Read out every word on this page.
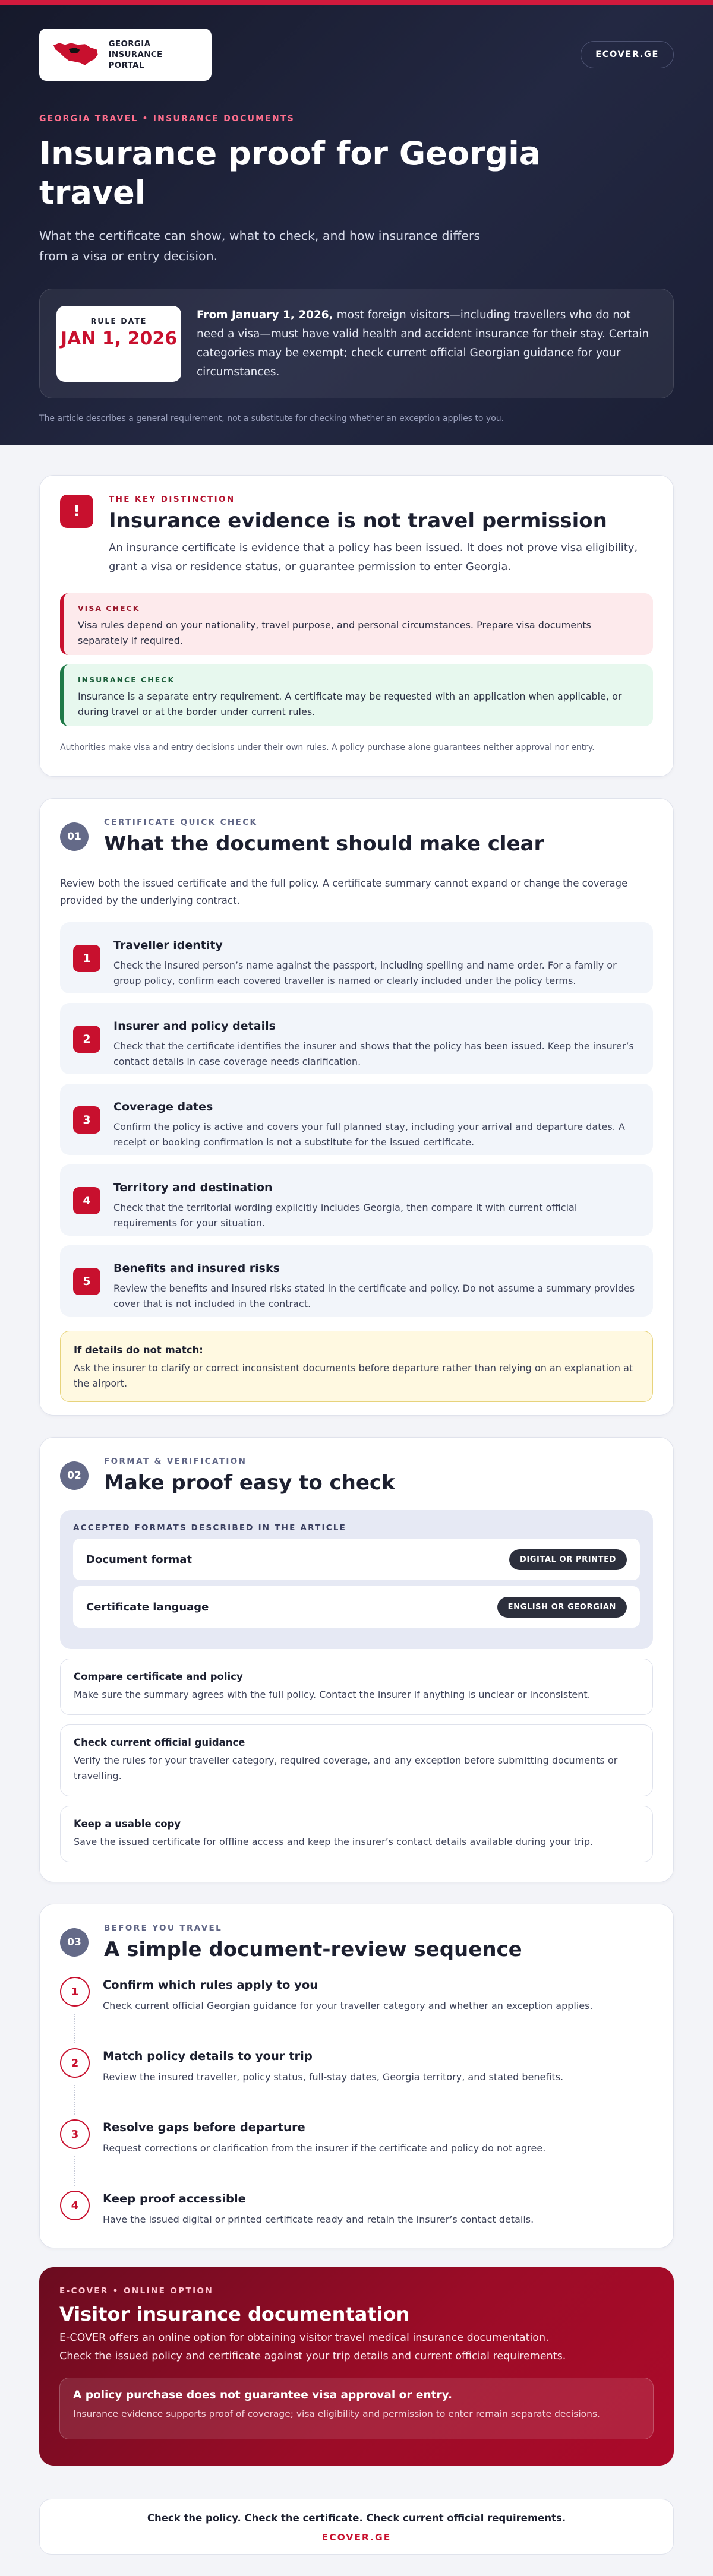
GEORGIA
INSURANCE PORTAL
ECOVER.GE
GEORGIA TRAVEL • INSURANCE DOCUMENTS
Insurance proof for Georgia travel

What the certificate can show, what to check, and how insurance differs from a visa or entry decision.

RULE DATE
JAN 1, 2026

From January 1, 2026, most foreign visitors—including travellers who do not need a visa—must have valid health and accident insurance for their stay. Certain categories may be exempt; check current official Georgian guidance for your circumstances.

The article describes a general requirement, not a substitute for checking whether an exception applies to you.

!
THE KEY DISTINCTION
Insurance evidence is not travel permission

An insurance certificate is evidence that a policy has been issued. It does not prove visa eligibility, grant a visa or residence status, or guarantee permission to enter Georgia.

VISA CHECK

Visa rules depend on your nationality, travel purpose, and personal circumstances. Prepare visa documents separately if required.

INSURANCE CHECK

Insurance is a separate entry requirement. A certificate may be requested with an application when applicable, or during travel or at the border under current rules.

Authorities make visa and entry decisions under their own rules. A policy purchase alone guarantees neither approval nor entry.

01
CERTIFICATE QUICK CHECK
What the document should make clear

Review both the issued certificate and the full policy. A certificate summary cannot expand or change the coverage provided by the underlying contract.

1
Traveller identity

Check the insured person’s name against the passport, including spelling and name order. For a family or group policy, confirm each covered traveller is named or clearly included under the policy terms.

2
Insurer and policy details

Check that the certificate identifies the insurer and shows that the policy has been issued. Keep the insurer’s contact details in case coverage needs clarification.

3
Coverage dates

Confirm the policy is active and covers your full planned stay, including your arrival and departure dates. A receipt or booking confirmation is not a substitute for the issued certificate.

4
Territory and destination

Check that the territorial wording explicitly includes Georgia, then compare it with current official requirements for your situation.

5
Benefits and insured risks

Review the benefits and insured risks stated in the certificate and policy. Do not assume a summary provides cover that is not included in the contract.

If details do not match:

Ask the insurer to clarify or correct inconsistent documents before departure rather than relying on an explanation at the airport.

02
FORMAT & VERIFICATION
Make proof easy to check
ACCEPTED FORMATS DESCRIBED IN THE ARTICLE
Document format	DIGITAL OR PRINTED
Certificate language	ENGLISH OR GEORGIAN
Compare certificate and policy

Make sure the summary agrees with the full policy. Contact the insurer if anything is unclear or inconsistent.

Check current official guidance

Verify the rules for your traveller category, required coverage, and any exception before submitting documents or travelling.

Keep a usable copy

Save the issued certificate for offline access and keep the insurer’s contact details available during your trip.

03
BEFORE YOU TRAVEL
A simple document-review sequence
1	Confirm which rules apply to you

Check current official Georgian guidance for your traveller category and whether an exception applies.

2	Match policy details to your trip

Review the insured traveller, policy status, full-stay dates, Georgia territory, and stated benefits.

3	Resolve gaps before departure

Request corrections or clarification from the insurer if the certificate and policy do not agree.

4	Keep proof accessible

Have the issued digital or printed certificate ready and retain the insurer’s contact details.

E-COVER • ONLINE OPTION
Visitor insurance documentation

E-COVER offers an online option for obtaining visitor travel medical insurance documentation.
Check the issued policy and certificate against your trip details and current official requirements.

A policy purchase does not guarantee visa approval or entry.

Insurance evidence supports proof of coverage; visa eligibility and permission to enter remain separate decisions.

Check the policy. Check the certificate. Check current official requirements.
ECOVER.GE
